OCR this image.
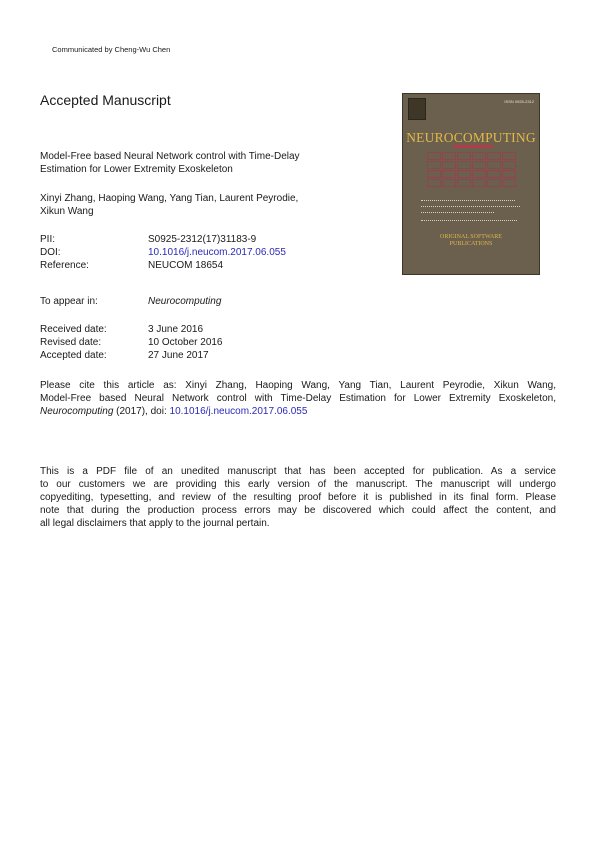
Communicated by Cheng-Wu Chen
Accepted Manuscript
Model-Free based Neural Network control with Time-Delay
Estimation for Lower Extremity Exoskeleton
Xinyi Zhang, Haoping Wang, Yang Tian, Laurent Peyrodie,
Xikun Wang
PII:	S0925-2312(17)31183-9
DOI:	10.1016/j.neucom.2017.06.055
Reference:	NEUCOM 18654
To appear in:	Neurocomputing
Received date:	3 June 2016
Revised date:	10 October 2016
Accepted date:	27 June 2017
Please cite this article as: Xinyi Zhang, Haoping Wang, Yang Tian, Laurent Peyrodie, Xikun Wang,
Model-Free based Neural Network control with Time-Delay Estimation for Lower Extremity Exoskeleton,
Neurocomputing (2017), doi: 10.1016/j.neucom.2017.06.055
This is a PDF file of an unedited manuscript that has been accepted for publication. As a service
to our customers we are providing this early version of the manuscript. The manuscript will undergo
copyediting, typesetting, and review of the resulting proof before it is published in its final form. Please
note that during the production process errors may be discovered which could affect the content, and
all legal disclaimers that apply to the journal pertain.
ISSN 0925-2312
NEUROCOMPUTING
ORIGINAL SOFTWARE
PUBLICATIONS
